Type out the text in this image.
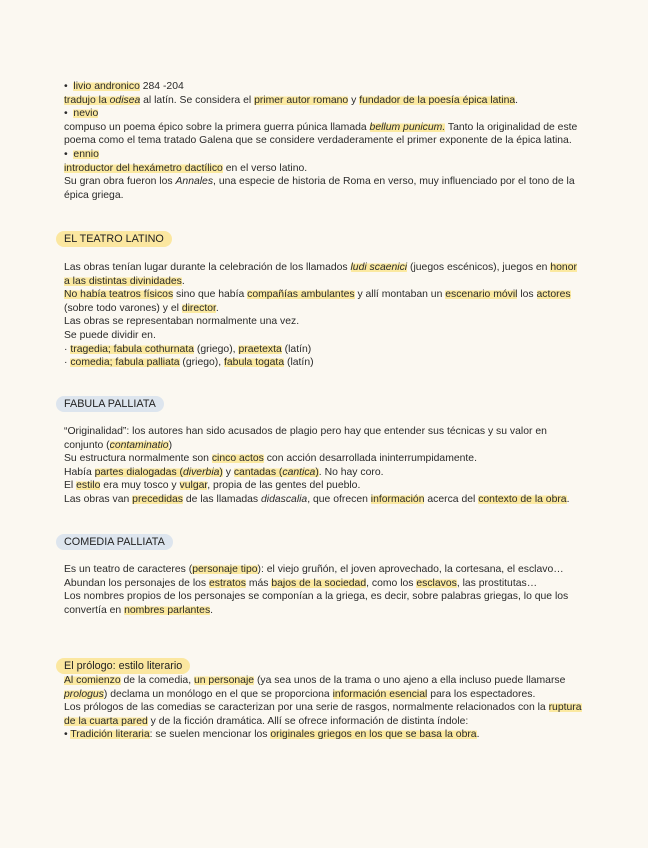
•  livio andronico 284 -204

tradujo la odisea al latín. Se considera el primer autor romano y fundador de la poesía épica latina.

•  nevio

compuso un poema épico sobre la primera guerra púnica llamada bellum punicum. Tanto la originalidad de este poema como el tema tratado Galena que se considere verdaderamente el primer exponente de la épica latina.

•  ennio

introductor del hexámetro dactílico en el verso latino.

Su gran obra fueron los Annales, una especie de historia de Roma en verso, muy influenciado por el tono de la épica griega.

EL TEATRO LATINO

Las obras tenían lugar durante la celebración de los llamados ludi scaenici (juegos escénicos), juegos en honor a las distintas divinidades.

No había teatros físicos sino que había compañías ambulantes y allí montaban un escenario móvil los actores (sobre todo varones) y el director.

Las obras se representaban normalmente una vez.

Se puede dividir en.

· tragedia; fabula cothurnata (griego), praetexta (latín)

· comedia; fabula palliata (griego), fabula togata (latín)

FABULA PALLIATA

“Originalidad”: los autores han sido acusados de plagio pero hay que entender sus técnicas y su valor en conjunto (contaminatio)

Su estructura normalmente son cinco actos con acción desarrollada ininterrumpidamente.

Había partes dialogadas (diverbia) y cantadas (cantica). No hay coro.

El estilo era muy tosco y vulgar, propia de las gentes del pueblo.

Las obras van precedidas de las llamadas didascalia, que ofrecen información acerca del contexto de la obra.

COMEDIA PALLIATA

Es un teatro de caracteres (personaje tipo): el viejo gruñón, el joven aprovechado, la cortesana, el esclavo…

Abundan los personajes de los estratos más bajos de la sociedad, como los esclavos, las prostitutas…

Los nombres propios de los personajes se componían a la griega, es decir, sobre palabras griegas, lo que los convertía en nombres parlantes.

El prólogo: estilo literario

Al comienzo de la comedia, un personaje (ya sea unos de la trama o uno ajeno a ella incluso puede llamarse prologus) declama un monólogo en el que se proporciona información esencial para los espectadores.

Los prólogos de las comedias se caracterizan por una serie de rasgos, normalmente relacionados con la ruptura de la cuarta pared y de la ficción dramática. Allí se ofrece información de distinta índole:

• Tradición literaria: se suelen mencionar los originales griegos en los que se basa la obra.
